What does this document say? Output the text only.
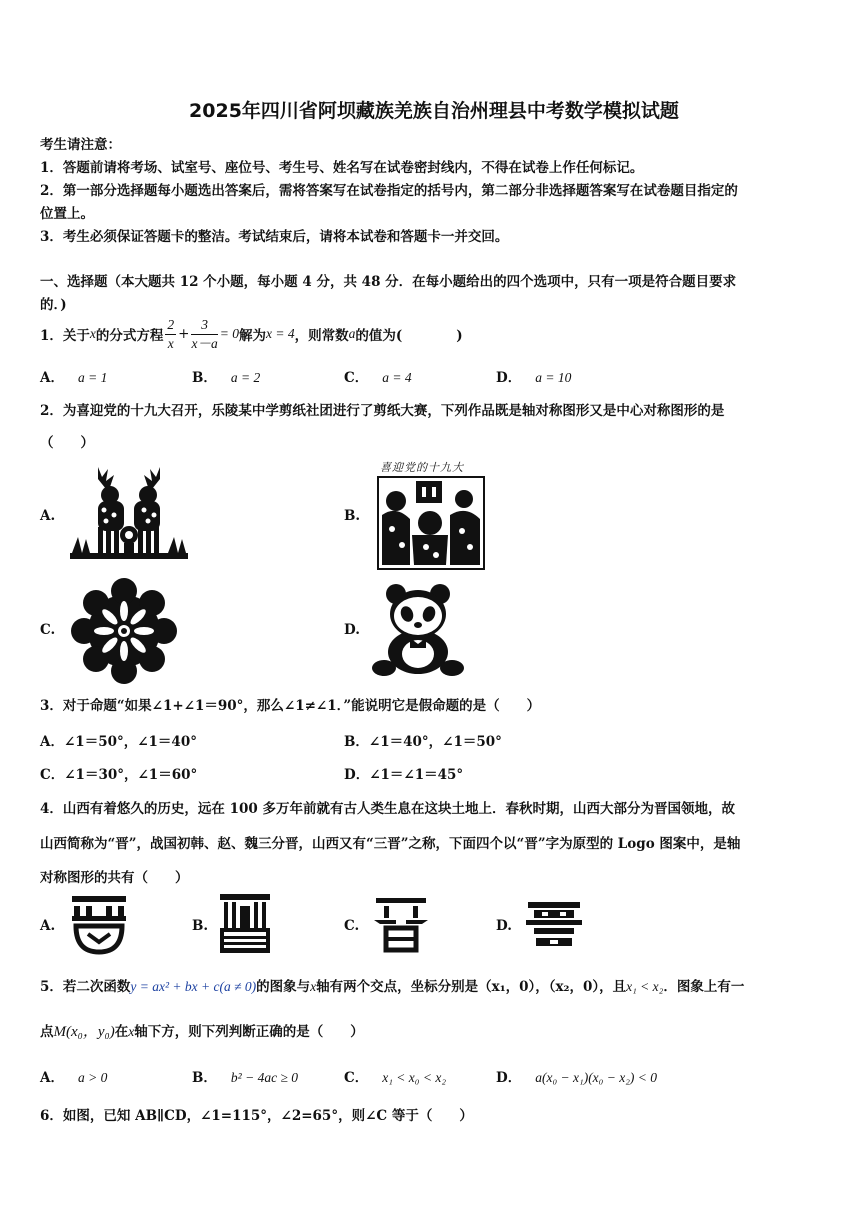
2025年四川省阿坝藏族羌族自治州理县中考数学模拟试题
考生请注意：
1．答题前请将考场、试室号、座位号、考生号、姓名写在试卷密封线内，不得在试卷上作任何标记。
2．第一部分选择题每小题选出答案后，需将答案写在试卷指定的括号内，第二部分非选择题答案写在试卷题目指定的
位置上。
3．考生必须保证答题卡的整洁。考试结束后，请将本试卷和答题卡一并交回。
一、选择题（本大题共 12 个小题，每小题 4 分，共 48 分．在每小题给出的四个选项中，只有一项是符合题目要求
的．)
1．关于 x 的分式方程 $\frac{2}{x} + \frac{3}{x-a} = 0$ 解为 x = 4 ，则常数 a 的值为(　　　　)
A． a = 1	B． a = 2	C． a = 4	D． a = 10
2．为喜迎党的十九大召开，乐陵某中学剪纸社团进行了剪纸大赛，下列作品既是轴对称图形又是中心对称图形的是
（　　）
A.	B.
喜迎党的十九大
C.	D.
3．对于命题“如果∠1+∠1＝90°，那么∠1≠∠1．”能说明它是假命题的是（　　）
A．∠1＝50°，∠1＝40°	B．∠1＝40°，∠1＝50°
C．∠1＝30°，∠1＝60°	D．∠1＝∠1＝45°
4．山西有着悠久的历史，远在 100 多万年前就有古人类生息在这块土地上．春秋时期，山西大部分为晋国领地，故
山西简称为“晋”，战国初韩、赵、魏三分晋，山西又有“三晋”之称，下面四个以“晋”字为原型的 Logo 图案中，是轴
对称图形的共有（　　）
A.	B.	C.	D.
5．若二次函数y = ax² + bx + c(a ≠ 0)的图象与x轴有两个交点，坐标分别是（x₁，0），（x₂，0），且x₁ < x₂．图象上有一
点M(x₀，y₀)在x轴下方，则下列判断正确的是（　　）
A． a > 0	B． b² − 4ac ≥ 0	C． x₁ < x₀ < x₂	D． a(x₀ − x₁)(x₀ − x₂) < 0
6．如图，已知 AB∥CD，∠1=115°，∠2=65°，则∠C 等于（　　）
